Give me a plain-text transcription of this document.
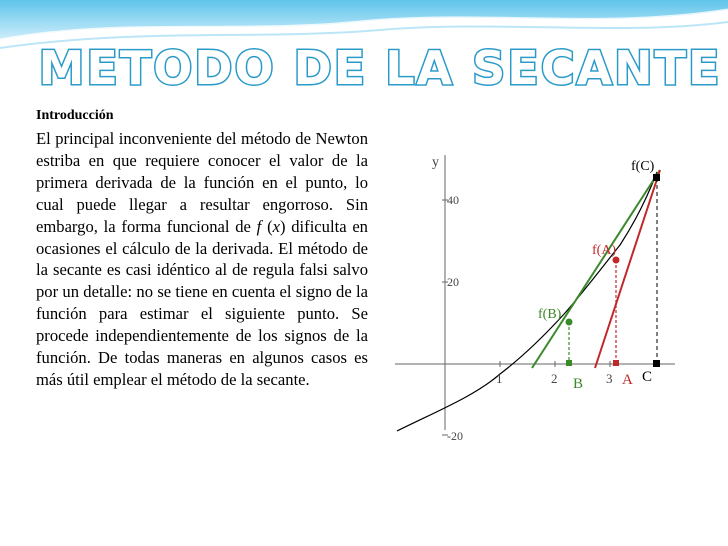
METODO DE LA SECANTE
Introducción

El principal inconveniente del método de Newton estriba en que requiere conocer el valor de la primera derivada de la función en el punto, lo cual puede llegar a resultar engorroso. Sin embargo, la forma funcional de f (x) dificulta en ocasiones el cálculo de la derivada. El método de la secante es casi idéntico al de regula falsi salvo por un detalle: no se tiene en cuenta el signo de la función para estimar el siguiente punto. Se procede independientemente de los signos de la función. De todas maneras en algunos casos es más útil emplear el método de la secante.

y
40
20
-20
1	2	3
f(C)
f(A)
f(B)
B	A C
